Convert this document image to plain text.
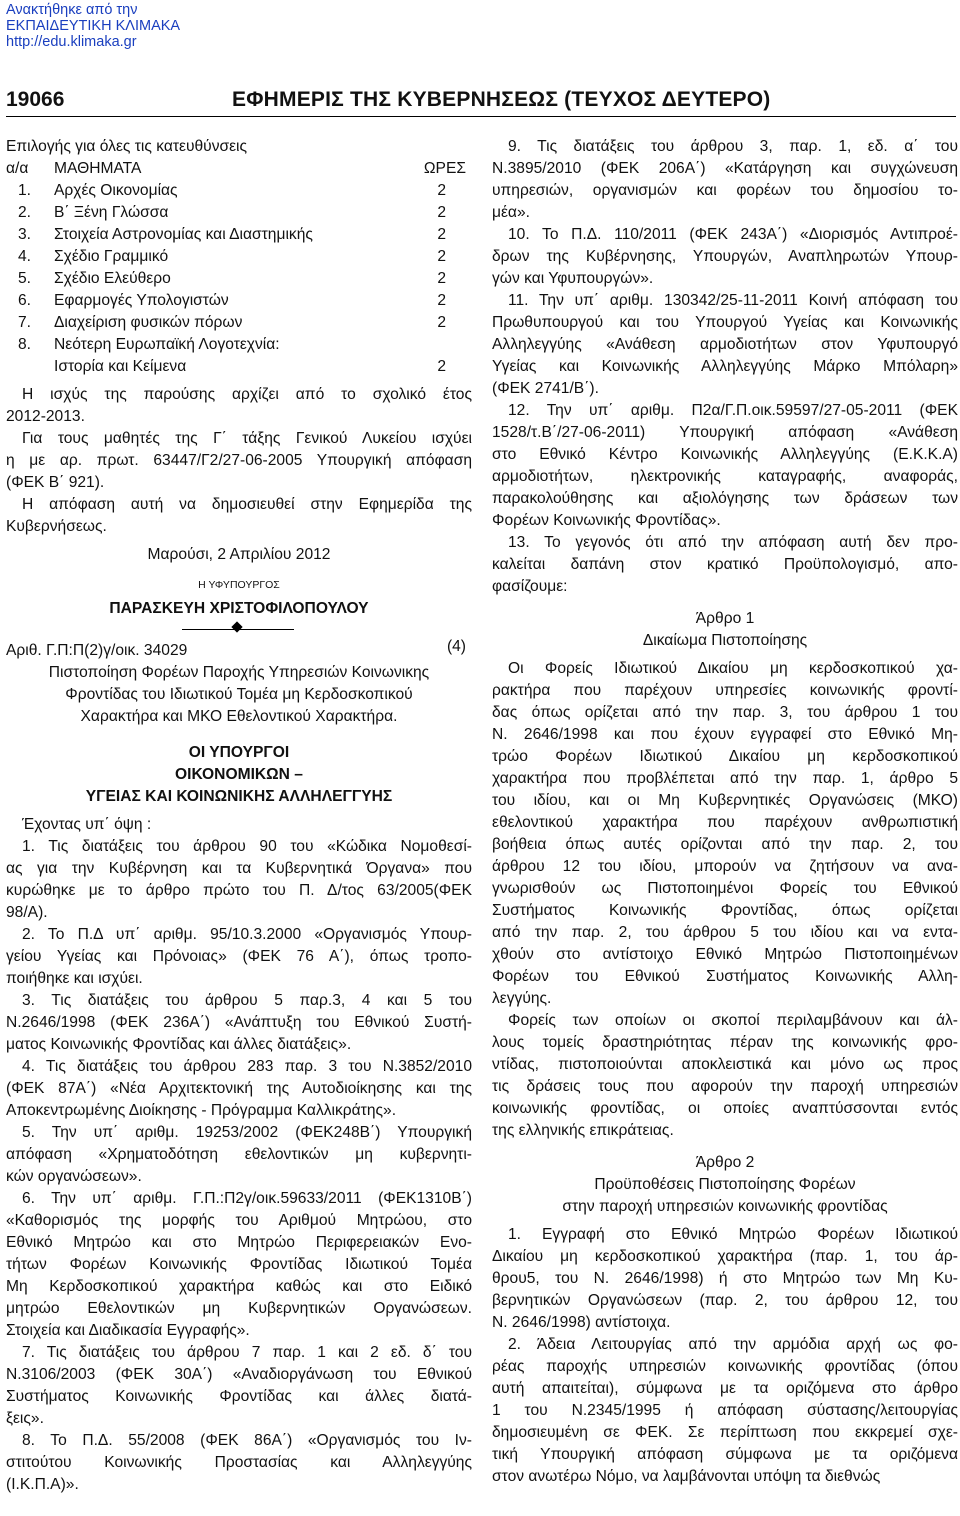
Ανακτήθηκε από την
ΕΚΠΑΙΔΕΥΤΙΚΗ ΚΛΙΜΑΚΑ
http://edu.klimaka.gr
19066	ΕΦΗΜΕΡΙΣ ΤΗΣ ΚΥΒΕΡΝΗΣΕΩΣ (ΤΕΥΧΟΣ ΔΕΥΤΕΡΟ)
Επιλογής για όλες τις κατευθύνσεις
α/α ΜΑΘΗΜΑΤΑ	ΩΡΕΣ
1. Αρχές Οικονομίας	2
2. Β΄ Ξένη Γλώσσα	2
3. Στοιχεία Αστρονομίας και Διαστημικής	2
4. Σχέδιο Γραμμικό	2
5. Σχέδιο Ελεύθερο	2
6. Εφαρμογές Υπολογιστών	2
7. Διαχείριση φυσικών πόρων	2
8. Νεότερη Ευρωπαϊκή Λογοτεχνία:
Ιστορία και Κείμενα	2
Η ισχύς της παρούσης αρχίζει από το σχολικό έτος
2012-2013.
Για τους μαθητές της Γ΄ τάξης Γενικού Λυκείου ισχύει
η με αρ. πρωτ. 63447/Γ2/27-06-2005 Υπουργική απόφαση
(ΦΕΚ Β΄ 921).
Η απόφαση αυτή να δημοσιευθεί στην Εφημερίδα της
Κυβερνήσεως.
Μαρούσι, 2 Απριλίου 2012
Η ΥΦΥΠΟΥΡΓΟΣ
ΠΑΡΑΣΚΕΥΗ ΧΡΙΣΤΟΦΙΛΟΠΟΥΛΟΥ
Αριθ. Γ.Π:Π(2)γ/οικ. 34029	(4)
Πιστοποίηση Φορέων Παροχής Υπηρεσιών Κοινωνικης
Φροντίδας του Ιδιωτικού Τομέα μη Κερδοσκοπικού
Χαρακτήρα και ΜΚΟ Εθελοντικού Χαρακτήρα.
ΟΙ ΥΠΟΥΡΓΟΙ
ΟΙΚΟΝΟΜΙΚΩΝ –
ΥΓΕΙΑΣ ΚΑΙ ΚΟΙΝΩΝΙΚΗΣ ΑΛΛΗΛΕΓΓΥΗΣ
Έχοντας υπ΄ όψη :
1. Τις διατάξεις του άρθρου 90 του «Κώδικα Νομοθεσί-
ας για την Κυβέρνηση και τα Κυβερνητικά Όργανα» που
κυρώθηκε με το άρθρο πρώτο του Π. Δ/τος 63/2005(ΦΕΚ
98/Α).
2. Το Π.Δ υπ΄ αριθμ. 95/10.3.2000 «Οργανισμός Υπουρ-
γείου Υγείας και Πρόνοιας» (ΦΕΚ 76 Α΄), όπως τροπο-
ποιήθηκε και ισχύει.
3. Τις διατάξεις του άρθρου 5 παρ.3, 4 και 5 του
Ν.2646/1998 (ΦΕΚ 236Α΄) «Ανάπτυξη του Εθνικού Συστή-
ματος Κοινωνικής Φροντίδας και άλλες διατάξεις».
4. Τις διατάξεις του άρθρου 283 παρ. 3 του Ν.3852/2010
(ΦΕΚ 87Α΄) «Νέα Αρχιτεκτονική της Αυτοδιοίκησης και της
Αποκεντρωμένης Διοίκησης - Πρόγραμμα Καλλικράτης».
5. Την υπ΄ αριθμ. 19253/2002 (ΦΕΚ248Β΄) Υπουργική
απόφαση «Χρηματοδότηση εθελοντικών μη κυβερνητι-
κών οργανώσεων».
6. Την υπ΄ αριθμ. Γ.Π.:Π2γ/οικ.59633/2011 (ΦΕΚ1310Β΄)
«Καθορισμός της μορφής του Αριθμού Μητρώου, στο
Εθνικό Μητρώο και στο Μητρώο Περιφερειακών Ενο-
τήτων Φορέων Κοινωνικής Φροντίδας Ιδιωτικού Τομέα
Μη Κερδοσκοπικού χαρακτήρα καθώς και στο Ειδικό
μητρώο Εθελοντικών μη Κυβερνητικών Οργανώσεων.
Στοιχεία και Διαδικασία Εγγραφής».
7. Τις διατάξεις του άρθρου 7 παρ. 1 και 2 εδ. δ΄ του
Ν.3106/2003 (ΦΕΚ 30Α΄) «Αναδιοργάνωση του Εθνικού
Συστήματος Κοινωνικής Φροντίδας και άλλες διατά-
ξεις».
8. Το Π.Δ. 55/2008 (ΦΕΚ 86Α΄) «Οργανισμός του Ιν-
στιτούτου Κοινωνικής Προστασίας και Αλληλεγγύης
(Ι.Κ.Π.Α)».
9. Τις διατάξεις του άρθρου 3, παρ. 1, εδ. α΄ του
Ν.3895/2010 (ΦΕΚ 206Α΄) «Κατάργηση και συγχώνευση
υπηρεσιών, οργανισμών και φορέων του δημοσίου το-
μέα».
10. Το Π.Δ. 110/2011 (ΦΕΚ 243Α΄) «Διορισμός Αντιπροέ-
δρων της Κυβέρνησης, Υπουργών, Αναπληρωτών Υπουρ-
γών και Υφυπουργών».
11. Την υπ΄ αριθμ. 130342/25-11-2011 Κοινή απόφαση του
Πρωθυπουργού και του Υπουργού Υγείας και Κοινωνικής
Αλληλεγγύης «Ανάθεση αρμοδιοτήτων στον Υφυπουργό
Υγείας και Κοινωνικής Αλληλεγγύης Μάρκο Μπόλαρη»
(ΦΕΚ 2741/Β΄).
12. Την υπ΄ αριθμ. Π2α/Γ.Π.οικ.59597/27-05-2011 (ΦΕΚ
1528/τ.Β΄/27-06-2011) Υπουργική απόφαση «Ανάθεση
στο Εθνικό Κέντρο Κοινωνικής Αλληλεγγύης (Ε.Κ.Κ.Α)
αρμοδιοτήτων, ηλεκτρονικής καταγραφής, αναφοράς,
παρακολούθησης και αξιολόγησης των δράσεων των
Φορέων Κοινωνικής Φροντίδας».
13. Το γεγονός ότι από την απόφαση αυτή δεν προ-
καλείται δαπάνη στον κρατικό Προϋπολογισμό, απο-
φασίζουμε:
Άρθρο 1
Δικαίωμα Πιστοποίησης
Οι Φορείς Ιδιωτικού Δικαίου μη κερδοσκοπικού χα-
ρακτήρα που παρέχουν υπηρεσίες κοινωνικής φροντί-
δας όπως ορίζεται από την παρ. 3, του άρθρου 1 του
Ν. 2646/1998 και που έχουν εγγραφεί στο Εθνικό Μη-
τρώο Φορέων Ιδιωτικού Δικαίου μη κερδοσκοπικού
χαρακτήρα που προβλέπεται από την παρ. 1, άρθρο 5
του ιδίου, και οι Μη Κυβερνητικές Οργανώσεις (ΜΚΟ)
εθελοντικού χαρακτήρα που παρέχουν ανθρωπιστική
βοήθεια όπως αυτές ορίζονται από την παρ. 2, του
άρθρου 12 του ιδίου, μπορούν να ζητήσουν να ανα-
γνωρισθούν ως Πιστοποιημένοι Φορείς του Εθνικού
Συστήματος Κοινωνικής Φροντίδας, όπως ορίζεται
από την παρ. 2, του άρθρου 5 του ιδίου και να εντα-
χθούν στο αντίστοιχο Εθνικό Μητρώο Πιστοποιημένων
Φορέων του Εθνικού Συστήματος Κοινωνικής Αλλη-
λεγγύης.
Φορείς των οποίων οι σκοποί περιλαμβάνουν και άλ-
λους τομείς δραστηριότητας πέραν της κοινωνικής φρο-
ντίδας, πιστοποιούνται αποκλειστικά και μόνο ως προς
τις δράσεις τους που αφορούν την παροχή υπηρεσιών
κοινωνικής φροντίδας, οι οποίες αναπτύσσονται εντός
της ελληνικής επικράτειας.
Άρθρο 2
Προϋποθέσεις Πιστοποίησης Φορέων
στην παροχή υπηρεσιών κοινωνικής φροντίδας
1. Εγγραφή στο Εθνικό Μητρώο Φορέων Ιδιωτικού
Δικαίου μη κερδοσκοπικού χαρακτήρα (παρ. 1, του άρ-
θρου5, του Ν. 2646/1998) ή στο Μητρώο των Μη Κυ-
βερνητικών Οργανώσεων (παρ. 2, του άρθρου 12, του
Ν. 2646/1998) αντίστοιχα.
2. Άδεια Λειτουργίας από την αρμόδια αρχή ως φο-
ρέας παροχής υπηρεσιών κοινωνικής φροντίδας (όπου
αυτή απαιτείται), σύμφωνα με τα οριζόμενα στο άρθρο
1 του Ν.2345/1995 ή απόφαση σύστασης/λειτουργίας
δημοσιευμένη σε ΦΕΚ. Σε περίπτωση που εκκρεμεί σχε-
τική Υπουργική απόφαση σύμφωνα με τα οριζόμενα
στον ανωτέρω Νόμο, να λαμβάνονται υπόψη τα διεθνώς
